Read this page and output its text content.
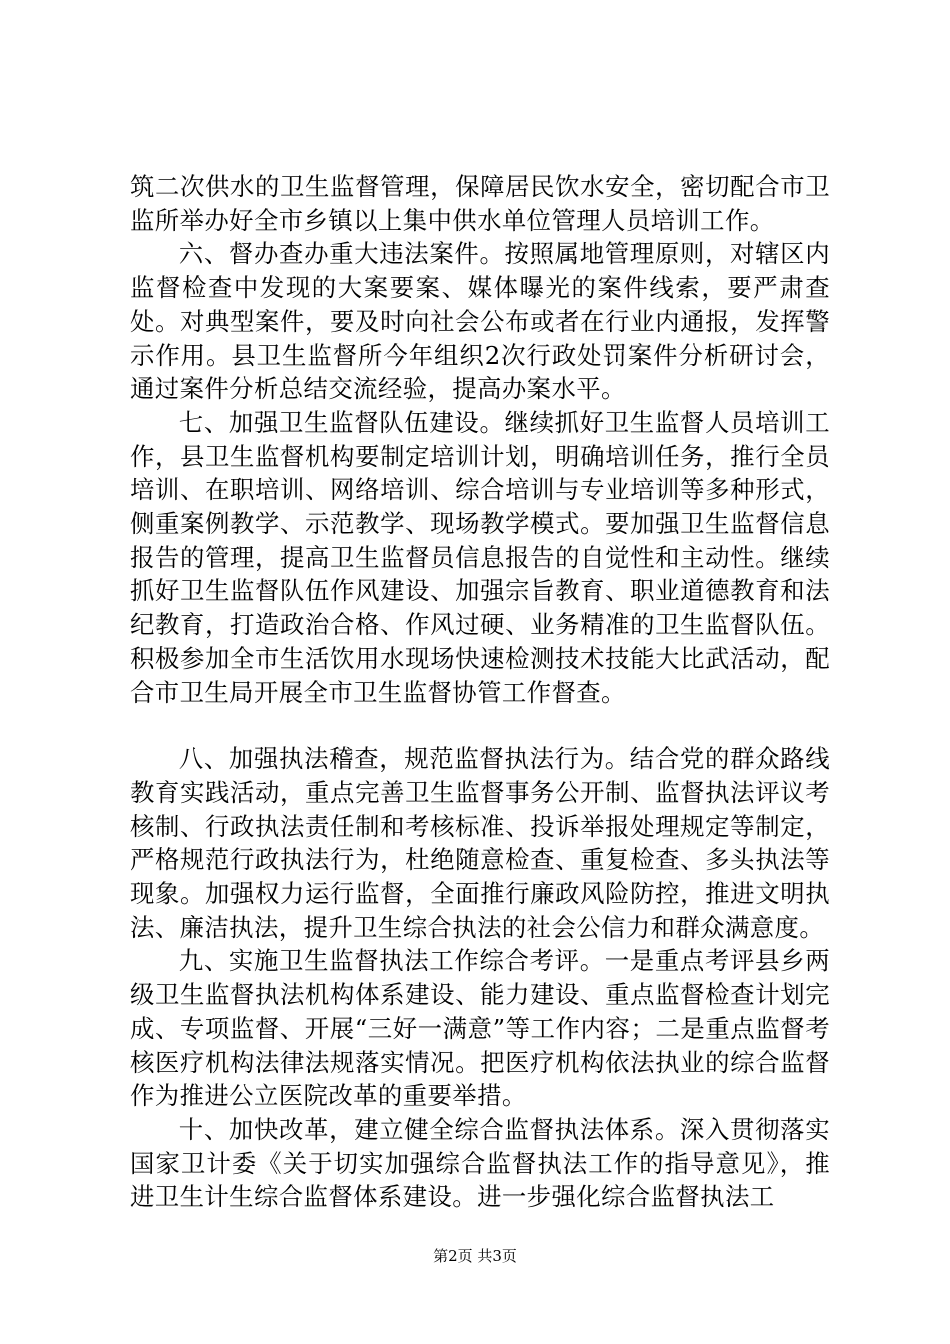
筑二次供水的卫生监督管理，保障居民饮水安全，密切配合市卫监所举办好全市乡镇以上集中供水单位管理人员培训工作。

六、督办查办重大违法案件。按照属地管理原则，对辖区内监督检查中发现的大案要案、媒体曝光的案件线索，要严肃查处。对典型案件，要及时向社会公布或者在行业内通报，发挥警示作用。县卫生监督所今年组织2次行政处罚案件分析研讨会，通过案件分析总结交流经验，提高办案水平。

七、加强卫生监督队伍建设。继续抓好卫生监督人员培训工作，县卫生监督机构要制定培训计划，明确培训任务，推行全员培训、在职培训、网络培训、综合培训与专业培训等多种形式，侧重案例教学、示范教学、现场教学模式。要加强卫生监督信息报告的管理，提高卫生监督员信息报告的自觉性和主动性。继续抓好卫生监督队伍作风建设、加强宗旨教育、职业道德教育和法纪教育，打造政治合格、作风过硬、业务精准的卫生监督队伍。积极参加全市生活饮用水现场快速检测技术技能大比武活动，配合市卫生局开展全市卫生监督协管工作督查。

八、加强执法稽查，规范监督执法行为。结合党的群众路线教育实践活动，重点完善卫生监督事务公开制、监督执法评议考核制、行政执法责任制和考核标准、投诉举报处理规定等制定，严格规范行政执法行为，杜绝随意检查、重复检查、多头执法等现象。加强权力运行监督，全面推行廉政风险防控，推进文明执法、廉洁执法，提升卫生综合执法的社会公信力和群众满意度。

九、实施卫生监督执法工作综合考评。一是重点考评县乡两级卫生监督执法机构体系建设、能力建设、重点监督检查计划完成、专项监督、开展“三好一满意”等工作内容；二是重点监督考核医疗机构法律法规落实情况。把医疗机构依法执业的综合监督作为推进公立医院改革的重要举措。

十、加快改革，建立健全综合监督执法体系。深入贯彻落实国家卫计委《关于切实加强综合监督执法工作的指导意见》，推进卫生计生综合监督体系建设。进一步强化综合监督执法工

第2页 共3页
